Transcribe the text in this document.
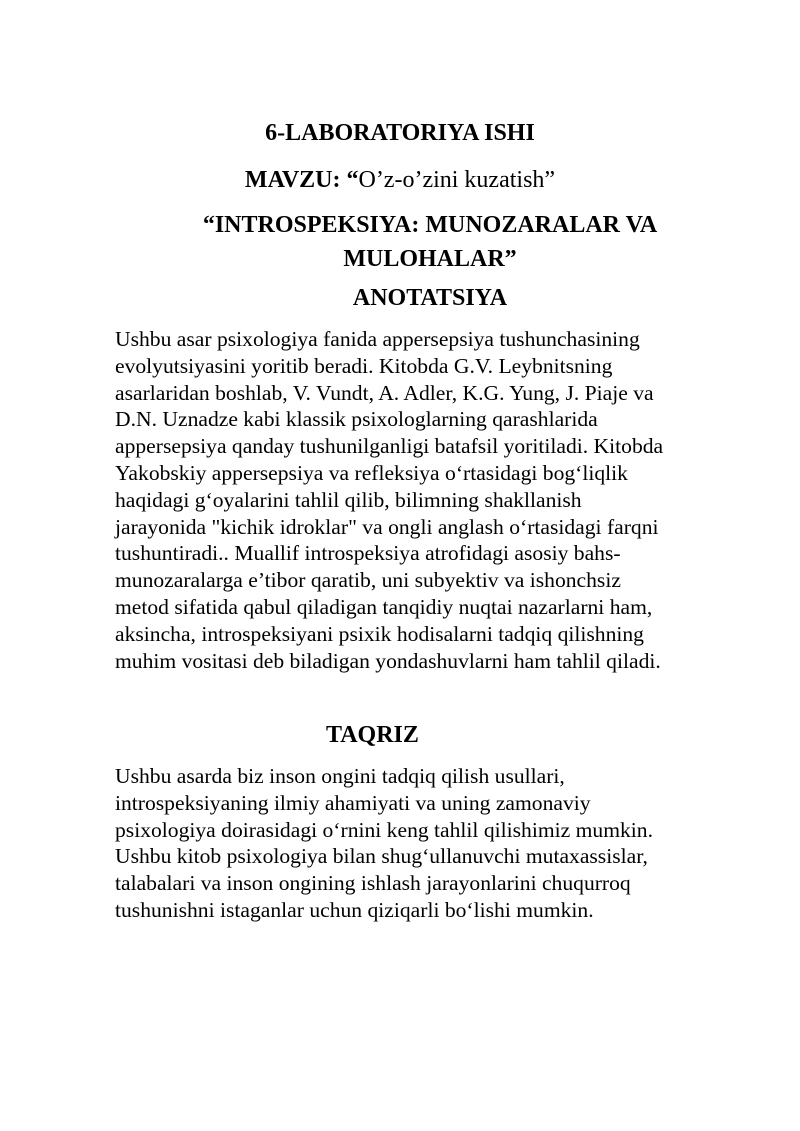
6-LABORATORIYA ISHI
MAVZU: “O’z-o’zini kuzatish”
“INTROSPEKSIYA: MUNOZARALAR VA MULOHALAR”
ANOTATSIYA
Ushbu asar psixologiya fanida appersepsiya tushunchasining
evolyutsiyasini yoritib beradi. Kitobda G.V. Leybnitsning
asarlaridan boshlab, V. Vundt, A. Adler, K.G. Yung, J. Piaje va
D.N. Uznadze kabi klassik psixologlarning qarashlarida
appersepsiya qanday tushunilganligi batafsil yoritiladi. Kitobda
Yakobskiy appersepsiya va refleksiya o‘rtasidagi bog‘liqlik
haqidagi g‘oyalarini tahlil qilib, bilimning shakllanish
jarayonida "kichik idroklar" va ongli anglash o‘rtasidagi farqni
tushuntiradi.. Muallif introspeksiya atrofidagi asosiy bahs-
munozaralarga e’tibor qaratib, uni subyektiv va ishonchsiz
metod sifatida qabul qiladigan tanqidiy nuqtai nazarlarni ham,
aksincha, introspeksiyani psixik hodisalarni tadqiq qilishning
muhim vositasi deb biladigan yondashuvlarni ham tahlil qiladi.
TAQRIZ
Ushbu asarda biz inson ongini tadqiq qilish usullari,
introspeksiyaning ilmiy ahamiyati va uning zamonaviy
psixologiya doirasidagi o‘rnini keng tahlil qilishimiz mumkin.
Ushbu kitob psixologiya bilan shug‘ullanuvchi mutaxassislar,
talabalari va inson ongining ishlash jarayonlarini chuqurroq
tushunishni istaganlar uchun qiziqarli bo‘lishi mumkin.
